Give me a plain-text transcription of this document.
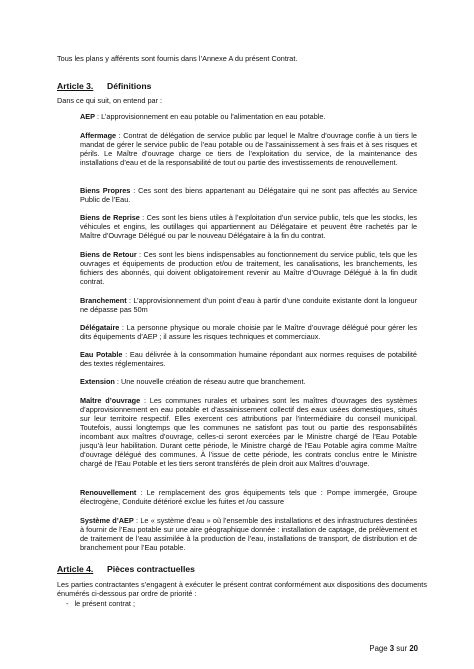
Tous les plans y afférents sont fournis dans l’Annexe A du présent Contrat.

Article 3. Définitions

Dans ce qui suit, on entend par :

AEP : L’approvisionnement en eau potable ou l’alimentation en eau potable.

Affermage : Contrat de délégation de service public par lequel le Maître d’ouvrage confie à un tiers le mandat de gérer le service public de l’eau potable ou de l’assainissement à ses frais et à ses risques et périls. Le Maître d’ouvrage charge ce tiers de l’exploitation du service, de la maintenance des installations d’eau et de la responsabilité de tout ou partie des investissements de renouvellement.

Biens Propres : Ces sont des biens appartenant au Délégataire qui ne sont pas affectés au Service Public de l’Eau.

Biens de Reprise : Ces sont les biens utiles à l’exploitation d’un service public, tels que les stocks, les véhicules et engins, les outillages qui appartiennent au Délégataire et peuvent être rachetés par le Maître d’Ouvrage Délégué ou par le nouveau Délégataire à la fin du contrat.

Biens de Retour : Ces sont les biens indispensables au fonctionnement du service public, tels que les ouvrages et équipements de production et/ou de traitement, les canalisations, les branchements, les fichiers des abonnés, qui doivent obligatoirement revenir au Maître d’Ouvrage Délégué à la fin dudit contrat.

Branchement : L’approvisionnement d’un point d’eau à partir d’une conduite existante dont la longueur ne dépasse pas 50m

Délégataire : La personne physique ou morale choisie par le Maître d’ouvrage délégué pour gérer les dits équipements d’AEP ; il assure les risques techniques et commerciaux.

Eau Potable : Eau délivrée à la consommation humaine répondant aux normes requises de potabilité des textes réglementaires.

Extension : Une nouvelle création de réseau autre que branchement.

Maître d’ouvrage : Les communes rurales et urbaines sont les maîtres d'ouvrages des systèmes d’approvisionnement en eau potable et d’assainissement collectif des eaux usées domestiques, situés sur leur territoire respectif. Elles exercent ces attributions par l’intermédiaire du conseil municipal. Toutefois, aussi longtemps que les communes ne satisfont pas tout ou partie des responsabilités incombant aux maîtres d’ouvrage, celles-ci seront exercées par le Ministre chargé de l’Eau Potable jusqu’à leur habilitation. Durant cette période, le Ministre chargé de l’Eau Potable agira comme Maître d’ouvrage délégué des communes. À l’issue de cette période, les contrats conclus entre le Ministre chargé de l’Eau Potable et les tiers seront transférés de plein droit aux Maîtres d’ouvrage.

Renouvellement : Le remplacement des gros équipements tels que : Pompe immergée, Groupe électrogène, Conduite détérioré exclue les fuites et /ou cassure

Système d’AEP : Le « système d’eau » où l’ensemble des installations et des infrastructures destinées à fournir de l’Eau potable sur une aire géographique donnée : installation de captage, de prélèvement et de traitement de l’eau assimilée à la production de l’eau, installations de transport, de distribution et de branchement pour l’Eau potable.

Article 4. Pièces contractuelles

Les parties contractantes s’engagent à exécuter le présent contrat conformément aux dispositions des documents énumérés ci-dessous par ordre de priorité :

- le présent contrat ;

Page 3 sur 20
